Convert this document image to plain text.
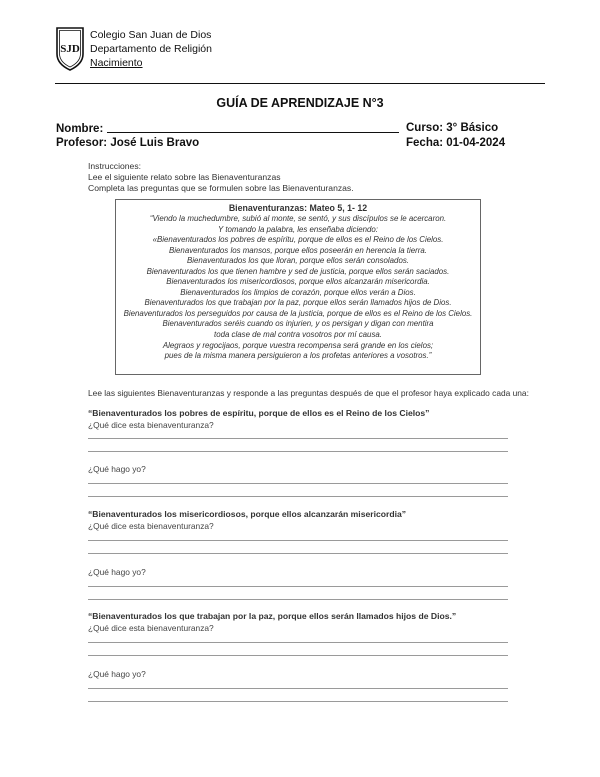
SJD
Colegio San Juan de Dios
Departamento de Religión
Nacimiento
GUÍA DE APRENDIZAJE N°3
Nombre:	Curso: 3° Básico
Profesor: José Luis Bravo	Fecha: 01-04-2024
Instrucciones:
Lee el siguiente relato sobre las Bienaventuranzas
Completa las preguntas que se formulen sobre las Bienaventuranzas.
Bienaventuranzas: Mateo 5, 1- 12
“Viendo la muchedumbre, subió al monte, se sentó, y sus discípulos se le acercaron.
Y tomando la palabra, les enseñaba diciendo:
«Bienaventurados los pobres de espíritu, porque de ellos es el Reino de los Cielos.
Bienaventurados los mansos, porque ellos poseerán en herencia la tierra.
Bienaventurados los que lloran, porque ellos serán consolados.
Bienaventurados los que tienen hambre y sed de justicia, porque ellos serán saciados.
Bienaventurados los misericordiosos, porque ellos alcanzarán misericordia.
Bienaventurados los limpios de corazón, porque ellos verán a Dios.
Bienaventurados los que trabajan por la paz, porque ellos serán llamados hijos de Dios.
Bienaventurados los perseguidos por causa de la justicia, porque de ellos es el Reino de los Cielos.
Bienaventurados seréis cuando os injurien, y os persigan y digan con mentira
toda clase de mal contra vosotros por mí causa.
Alegraos y regocijaos, porque vuestra recompensa será grande en los cielos;
pues de la misma manera persiguieron a los profetas anteriores a vosotros.”
Lee las siguientes Bienaventuranzas y responde a las preguntas después de que el profesor haya explicado cada una:
“Bienaventurados los pobres de espíritu, porque de ellos es el Reino de los Cielos”
¿Qué dice esta bienaventuranza?
¿Qué hago yo?
“Bienaventurados los misericordiosos, porque ellos alcanzarán misericordia”
¿Qué dice esta bienaventuranza?
¿Qué hago yo?
“Bienaventurados los que trabajan por la paz, porque ellos serán llamados hijos de Dios.”
¿Qué dice esta bienaventuranza?
¿Qué hago yo?
